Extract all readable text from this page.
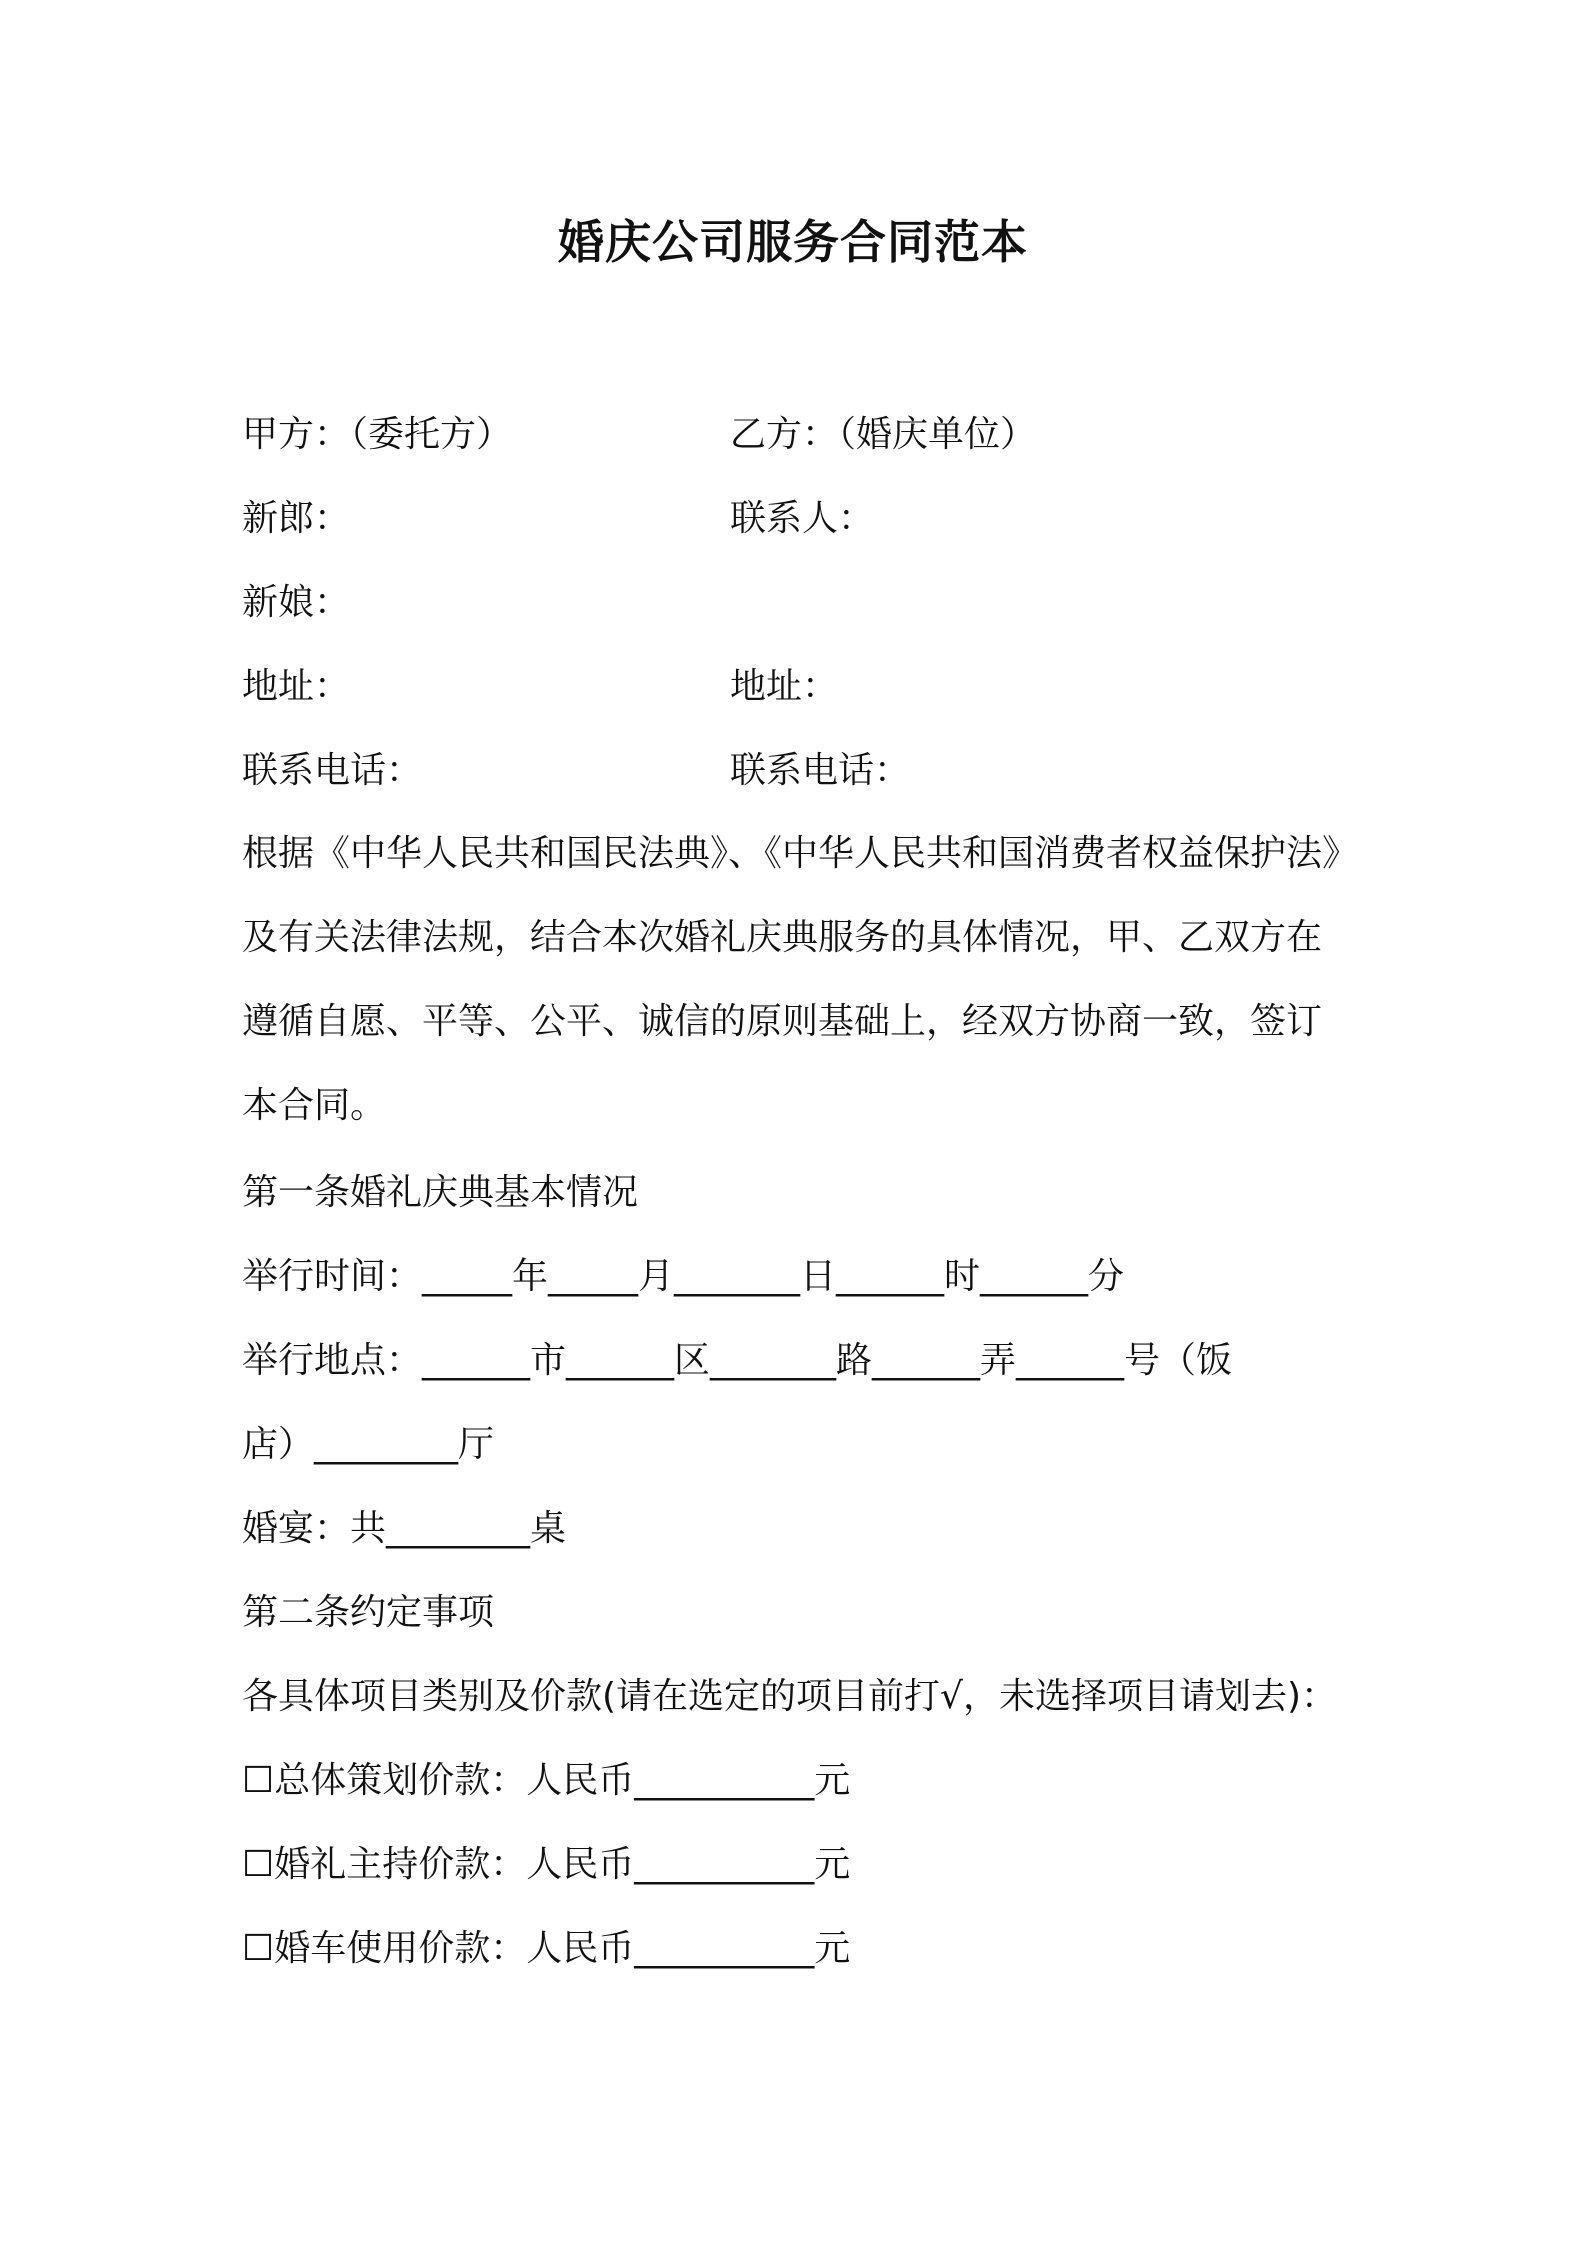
婚庆公司服务合同范本
甲方：（委托方）	乙方：（婚庆单位）
新郎：	联系人：
新娘：
地址：	地址：
联系电话：	联系电话：
根据《中华人民共和国民法典》、《中华人民共和国消费者权益保护法》
及有关法律法规，结合本次婚礼庆典服务的具体情况，甲、乙双方在
遵循自愿、平等、公平、诚信的原则基础上，经双方协商一致，签订
本合同。
第一条婚礼庆典基本情况
举行时间：_____年_____月_______日______时______分
举行地点：______市______区_______路______弄______号（饭
店）________厅
婚宴：共________桌
第二条约定事项
各具体项目类别及价款(请在选定的项目前打√，未选择项目请划去)：
☐总体策划价款：人民币__________元
☐婚礼主持价款：人民币__________元
☐婚车使用价款：人民币__________元
